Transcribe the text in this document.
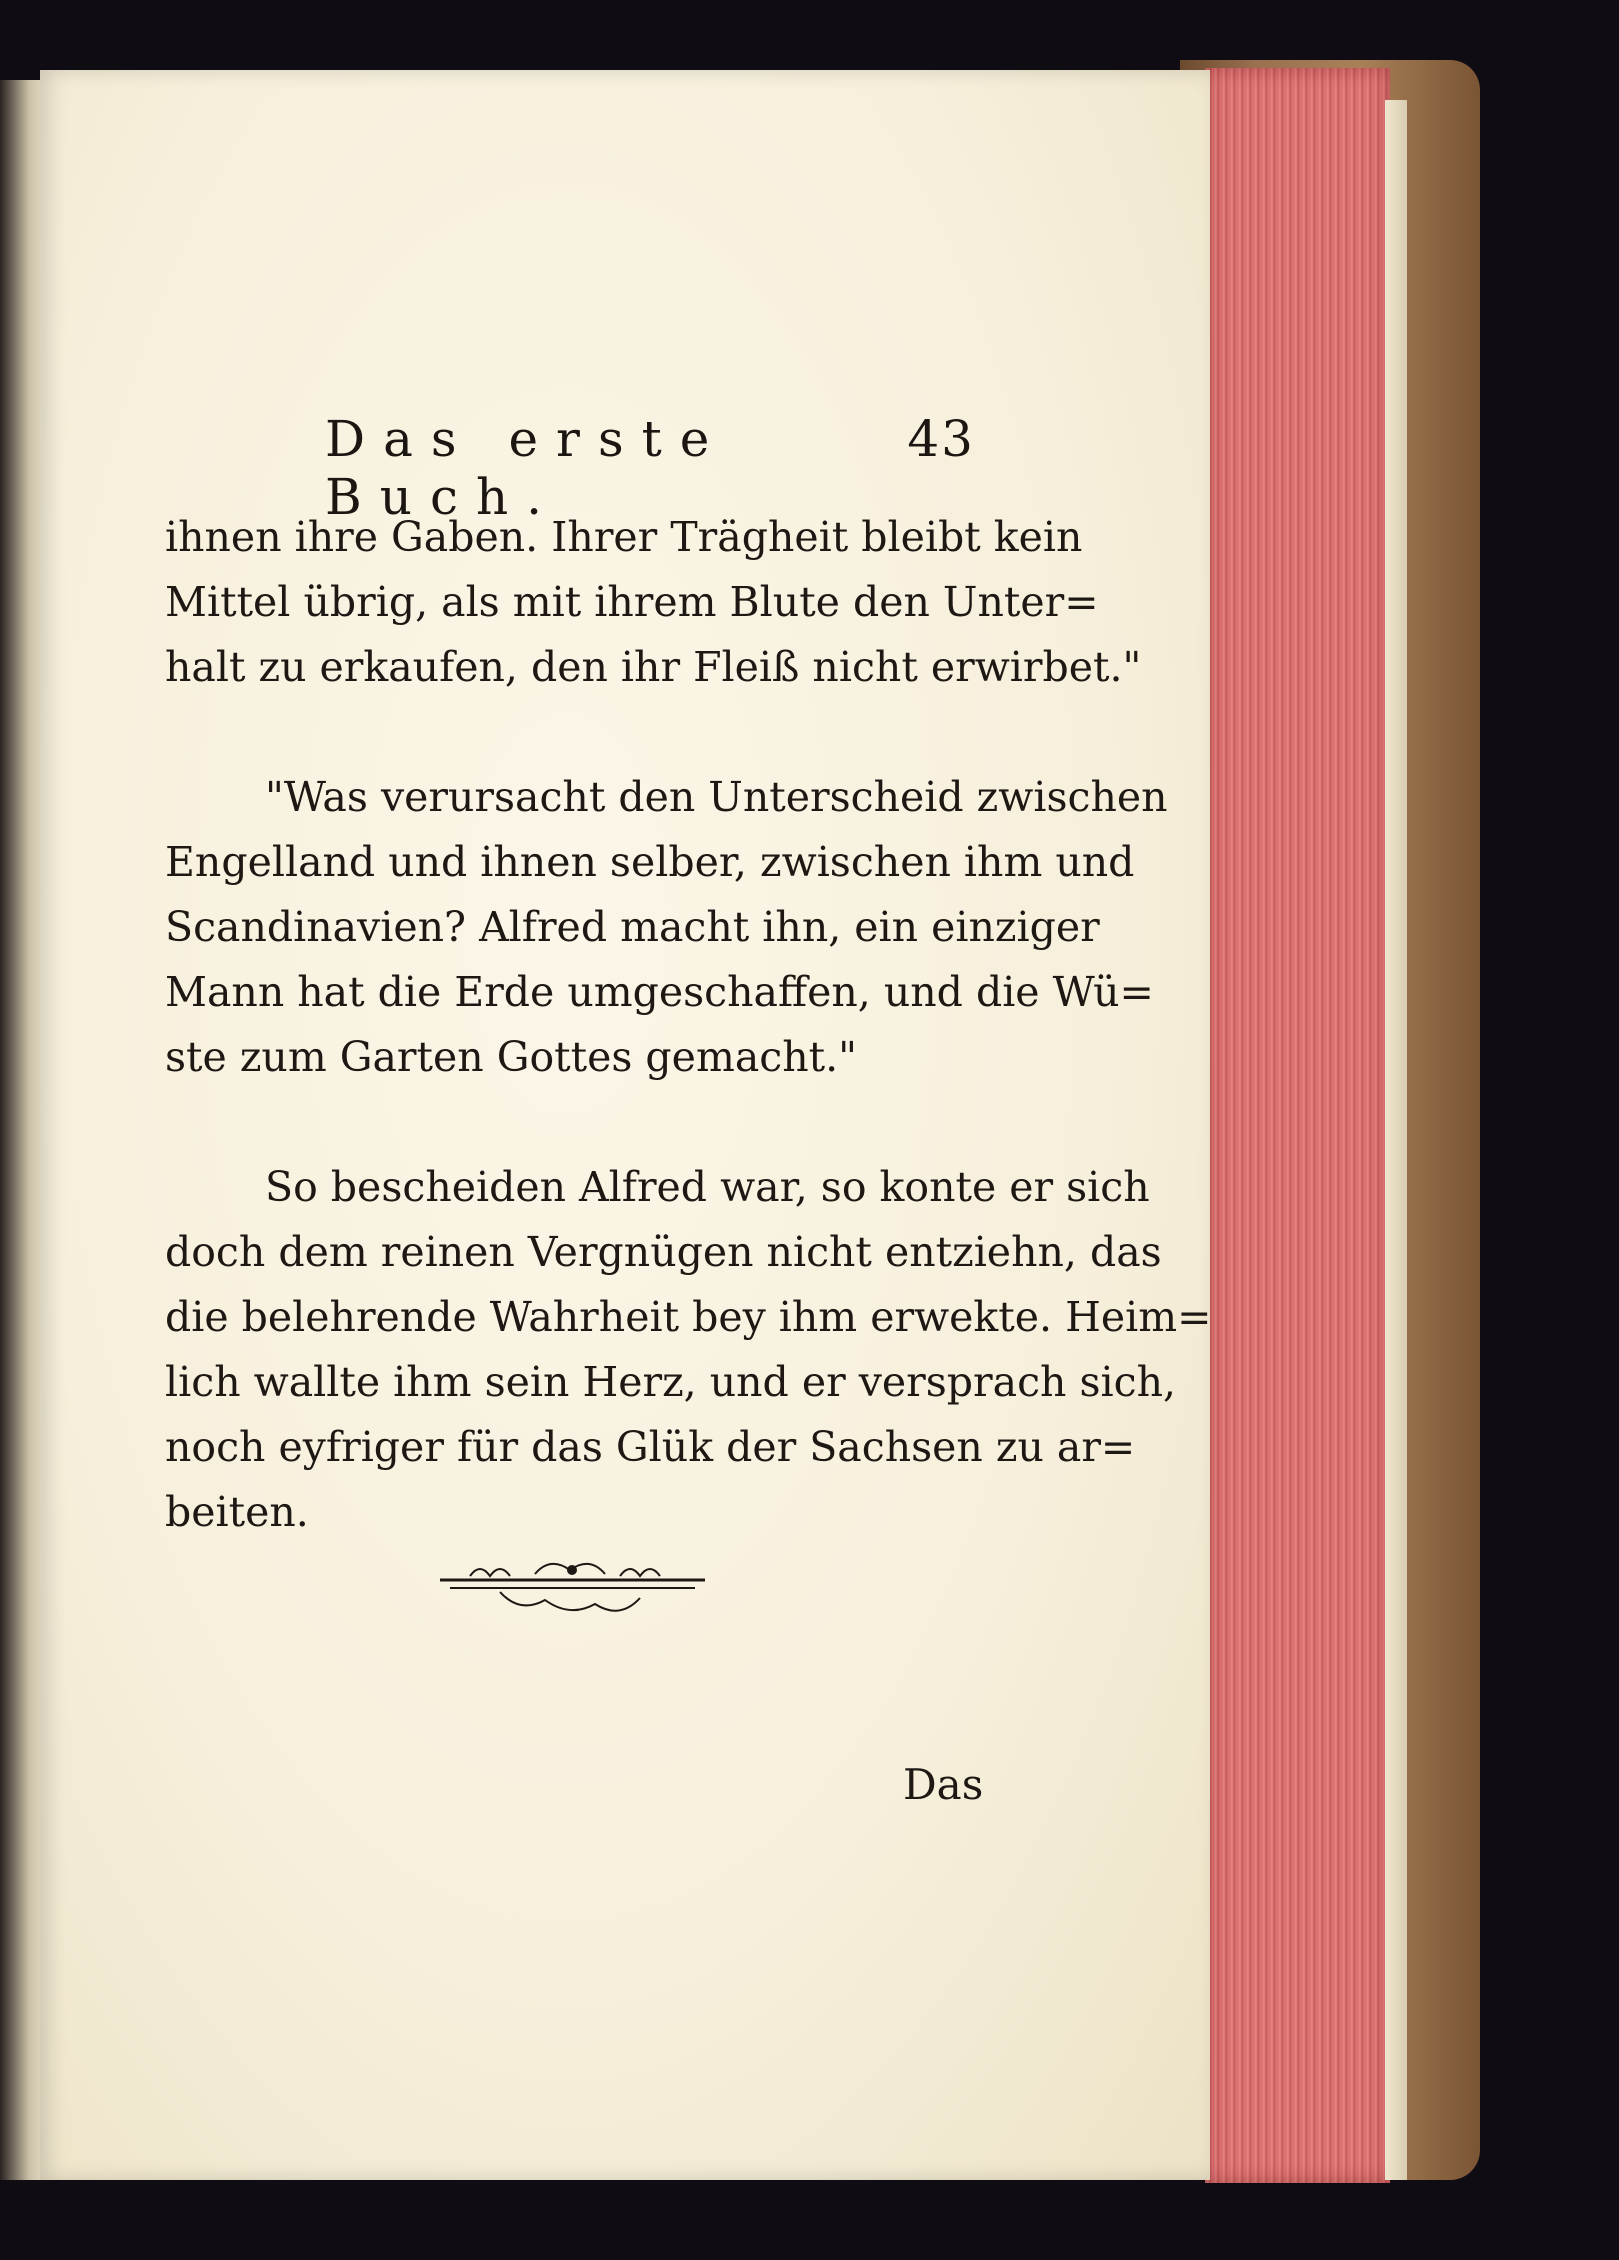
Das erste Buch.
43
ihnen ihre Gaben. Ihrer Trägheit bleibt kein
Mittel übrig, als mit ihrem Blute den Unter=
halt zu erkaufen, den ihr Fleiß nicht erwirbet."
"Was verursacht den Unterscheid zwischen
Engelland und ihnen selber, zwischen ihm und
Scandinavien? Alfred macht ihn, ein einziger
Mann hat die Erde umgeschaffen, und die Wü=
ste zum Garten Gottes gemacht."
So bescheiden Alfred war, so konte er sich
doch dem reinen Vergnügen nicht entziehn, das
die belehrende Wahrheit bey ihm erwekte. Heim=
lich wallte ihm sein Herz, und er versprach sich,
noch eyfriger für das Glük der Sachsen zu ar=
beiten.
Das
